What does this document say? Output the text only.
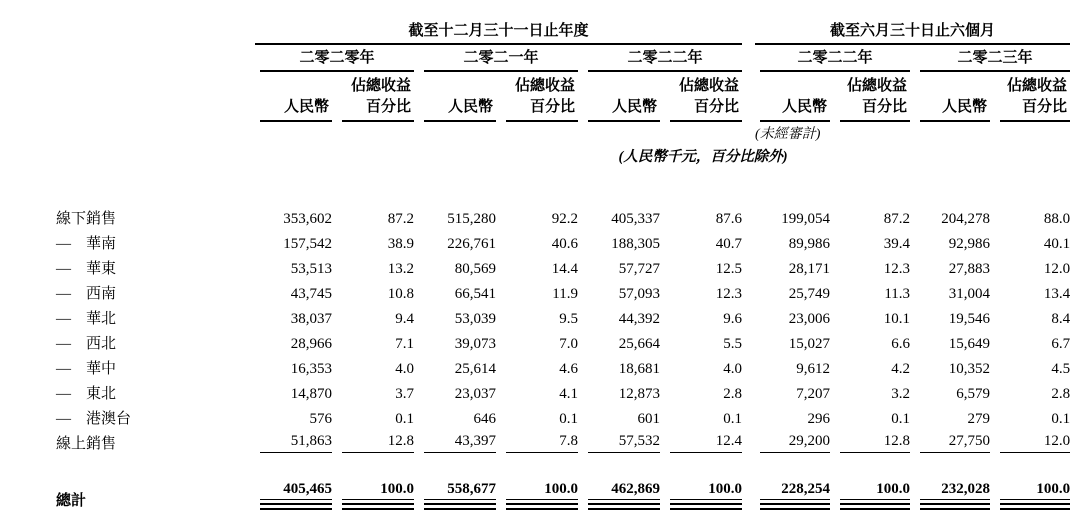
	截至十二月三十一日止年度							截至六月三十日止六個月			

	二零二零年		二零二一年		二零二二年			二零二二年		二零二三年	

		佔總收益		佔總收益		佔總收益			佔總收益		佔總收益

	人民幣	百分比	人民幣	百分比	人民幣	百分比		人民幣	百分比	人民幣	百分比

								(未經審計)			
	(人民幣千元，百分比除外)										

線下銷售	353,602	87.2	515,280	92.2	405,337	87.6		199,054	87.2	204,278	88.0

— 華南	157,542	38.9	226,761	40.6	188,305	40.7		89,986	39.4	92,986	40.1

— 華東	53,513	13.2	80,569	14.4	57,727	12.5		28,171	12.3	27,883	12.0

— 西南	43,745	10.8	66,541	11.9	57,093	12.3		25,749	11.3	31,004	13.4

— 華北	38,037	9.4	53,039	9.5	44,392	9.6		23,006	10.1	19,546	8.4

— 西北	28,966	7.1	39,073	7.0	25,664	5.5		15,027	6.6	15,649	6.7

— 華中	16,353	4.0	25,614	4.6	18,681	4.0		9,612	4.2	10,352	4.5

— 東北	14,870	3.7	23,037	4.1	12,873	2.8		7,207	3.2	6,579	2.8

— 港澳台	576	0.1	646	0.1	601	0.1		296	0.1	279	0.1

線上銷售	51,863	12.8	43,397	7.8	57,532	12.4		29,200	12.8	27,750	12.0

總計	405,465	100.0	558,677	100.0	462,869	100.0		228,254	100.0	232,028	100.0
